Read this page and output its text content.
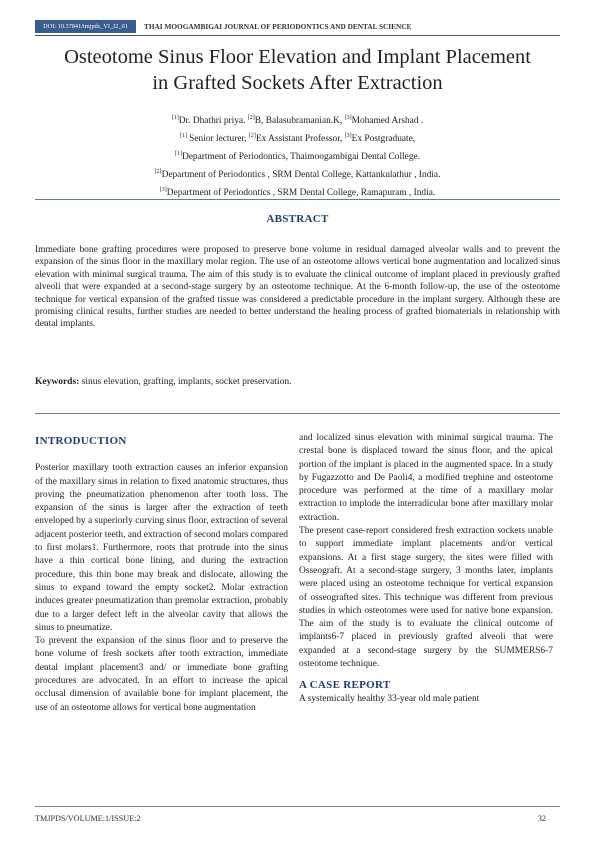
DOI: 10.37841/tmjpds_VI_I2_01	THAI MOOGAMBIGAI JOURNAL OF PERIODONTICS AND DENTAL SCIENCE
Osteotome Sinus Floor Elevation and Implant Placement
in Grafted Sockets After Extraction
[1]Dr. Dhathri priya. [2]B, Balasubramanian.K, [3]Mohamed Arshad .
[1] Senior lecturer, [2]Ex Assistant Professor, [3]Ex Postgraduate,
[1]Department of Periodontics, Thaimoogambigai Dental College.
[2]Department of Periodontics , SRM Dental College, Kattankulathur , India.
[3]Department of Periodontics , SRM Dental College, Ramapuram , India.
ABSTRACT
Immediate bone grafting procedures were proposed to preserve bone volume in residual damaged alveolar walls and to prevent the expansion of the sinus floor in the maxillary molar region. The use of an osteotome allows vertical bone augmentation and localized sinus elevation with minimal surgical trauma. The aim of this study is to evaluate the clinical outcome of implant placed in previously grafted alveoli that were expanded at a second-stage surgery by an osteotome technique. At the 6-month follow-up, the use of the osteotome technique for vertical expansion of the grafted tissue was considered a predictable procedure in the implant surgery. Although these are promising clinical results, further studies are needed to better understand the healing process of grafted biomaterials in relationship with dental implants.
Keywords: sinus elevation, grafting, implants, socket preservation.
INTRODUCTION

Posterior maxillary tooth extraction causes an inferior expansion of the maxillary sinus in relation to fixed anatomic structures, thus proving the pneumatization phenomenon after tooth loss. The expansion of the sinus is larger after the extraction of teeth enveloped by a superiorly curving sinus floor, extraction of several adjacent posterior teeth, and extraction of second molars compared to first molars1. Furthermore, roots that protrude into the sinus have a thin cortical bone lining, and during the extraction procedure, this thin bone may break and dislocate, allowing the sinus to expand toward the empty socket2. Molar extraction induces greater pneumatization than premolar extraction, probably due to a larger defect left in the alveolar cavity that allows the sinus to pneumatize.

To prevent the expansion of the sinus floor and to preserve the bone volume of fresh sockets after tooth extraction, immediate dental implant placement3 and/ or immediate bone grafting procedures are advocated. In an effort to increase the apical occlusal dimension of available bone for implant placement, the use of an osteotome allows for vertical bone augmentation

and localized sinus elevation with minimal surgical trauma. The crestal bone is displaced toward the sinus floor, and the apical portion of the implant is placed in the augmented space. In a study by Fugazzotto and De Paoli4, a modified trephine and osteotome procedure was performed at the time of a maxillary molar extraction to implode the interradicular bone after maxillary molar extraction.

The present case-report considered fresh extraction sockets unable to support immediate implant placements and/or vertical expansions. At a first stage surgery, the sites were filled with Osseograft. At a second-stage surgery, 3 months later, implants were placed using an osteotome technique for vertical expansion of osseografted sites. This technique was different from previous studies in which osteotomes were used for native bone expansion. The aim of the study is to evaluate the clinical outcome of implants6-7 placed in previously grafted alveoli that were expanded at a second-stage surgery by the SUMMERS6-7 osteotome technique.

A CASE REPORT

A systemically healthy 33-year old male patient

TMJPDS/VOLUME:1/ISSUE:2	32
